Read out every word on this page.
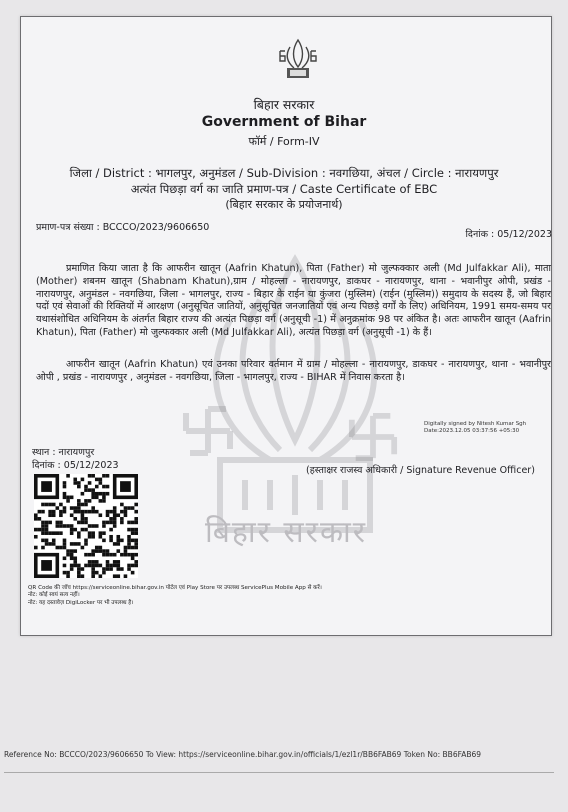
बिहार सरकार
बिहार सरकार
Government of Bihar
फॉर्म / Form-IV
जिला / District : भागलपुर, अनुमंडल / Sub-Division : नवगछिया, अंचल / Circle : नारायणपुर
अत्यंत पिछड़ा वर्ग का जाति प्रमाण-पत्र / Caste Certificate of EBC
(बिहार सरकार के प्रयोजनार्थ)
प्रमाण-पत्र संख्या : BCCCO/2023/9606650
दिनांक : 05/12/2023
प्रमाणित किया जाता है कि आफरीन खातून (Aafrin Khatun), पिता (Father) मो जुल्फक्कार अली (Md Julfakkar Ali), माता (Mother) शबनम खातून (Shabnam Khatun),ग्राम / मोहल्ला - नारायणपुर, डाकघर - नारायणपुर, थाना - भवानीपुर ओपी, प्रखंड - नारायणपुर, अनुमंडल - नवगछिया, जिला - भागलपुर, राज्य - बिहार के राईन या कुंजरा (मुस्लिम) (राईन (मुस्लिम)) समुदाय के सदस्य हैं, जो बिहार पदों एवं सेवाओं की रिक्तियों में आरक्षण (अनुसूचित जातियों, अनुसूचित जनजातियों एवं अन्य पिछड़े वर्गों के लिए) अधिनियम, 1991 समय-समय पर यथासंशोधित अधिनियम के अंतर्गत बिहार राज्य की अत्यंत पिछड़ा वर्ग (अनुसूची -1) में अनुक्रमांक 98 पर अंकित है। अतः आफरीन खातून (Aafrin Khatun), पिता (Father) मो जुल्फक्कार अली (Md Julfakkar Ali), अत्यंत पिछड़ा वर्ग (अनुसूची -1) के हैं।
आफरीन खातून (Aafrin Khatun) एवं उनका परिवार वर्तमान में ग्राम / मोहल्ला - नारायणपुर, डाकघर - नारायणपुर, थाना - भवानीपुर ओपी , प्रखंड - नारायणपुर , अनुमंडल - नवगछिया, जिला - भागलपुर, राज्य - BIHAR में निवास करता है।
Digitally signed by Nitesh Kumar Sgh
Date:2023.12.05 03:37:56 +05:30
स्थान : नारायणपुर
दिनांक : 05/12/2023	(हस्ताक्षर राजस्व अधिकारी / Signature Revenue Officer)
QR Code की जाँच https://serviceonline.bihar.gov.in पोर्टल एवं Play Store पर उपलब्ध ServicePlus Mobile App से करें।
नोट: कोई स्वयं सत्य नहीं।
नोट: यह दस्तावेज़ DigiLocker पर भी उपलब्ध है।
Reference No: BCCCO/2023/9606650 To View: https://serviceonline.bihar.gov.in/officials/1/ezl1r/BB6FAB69 Token No: BB6FAB69
